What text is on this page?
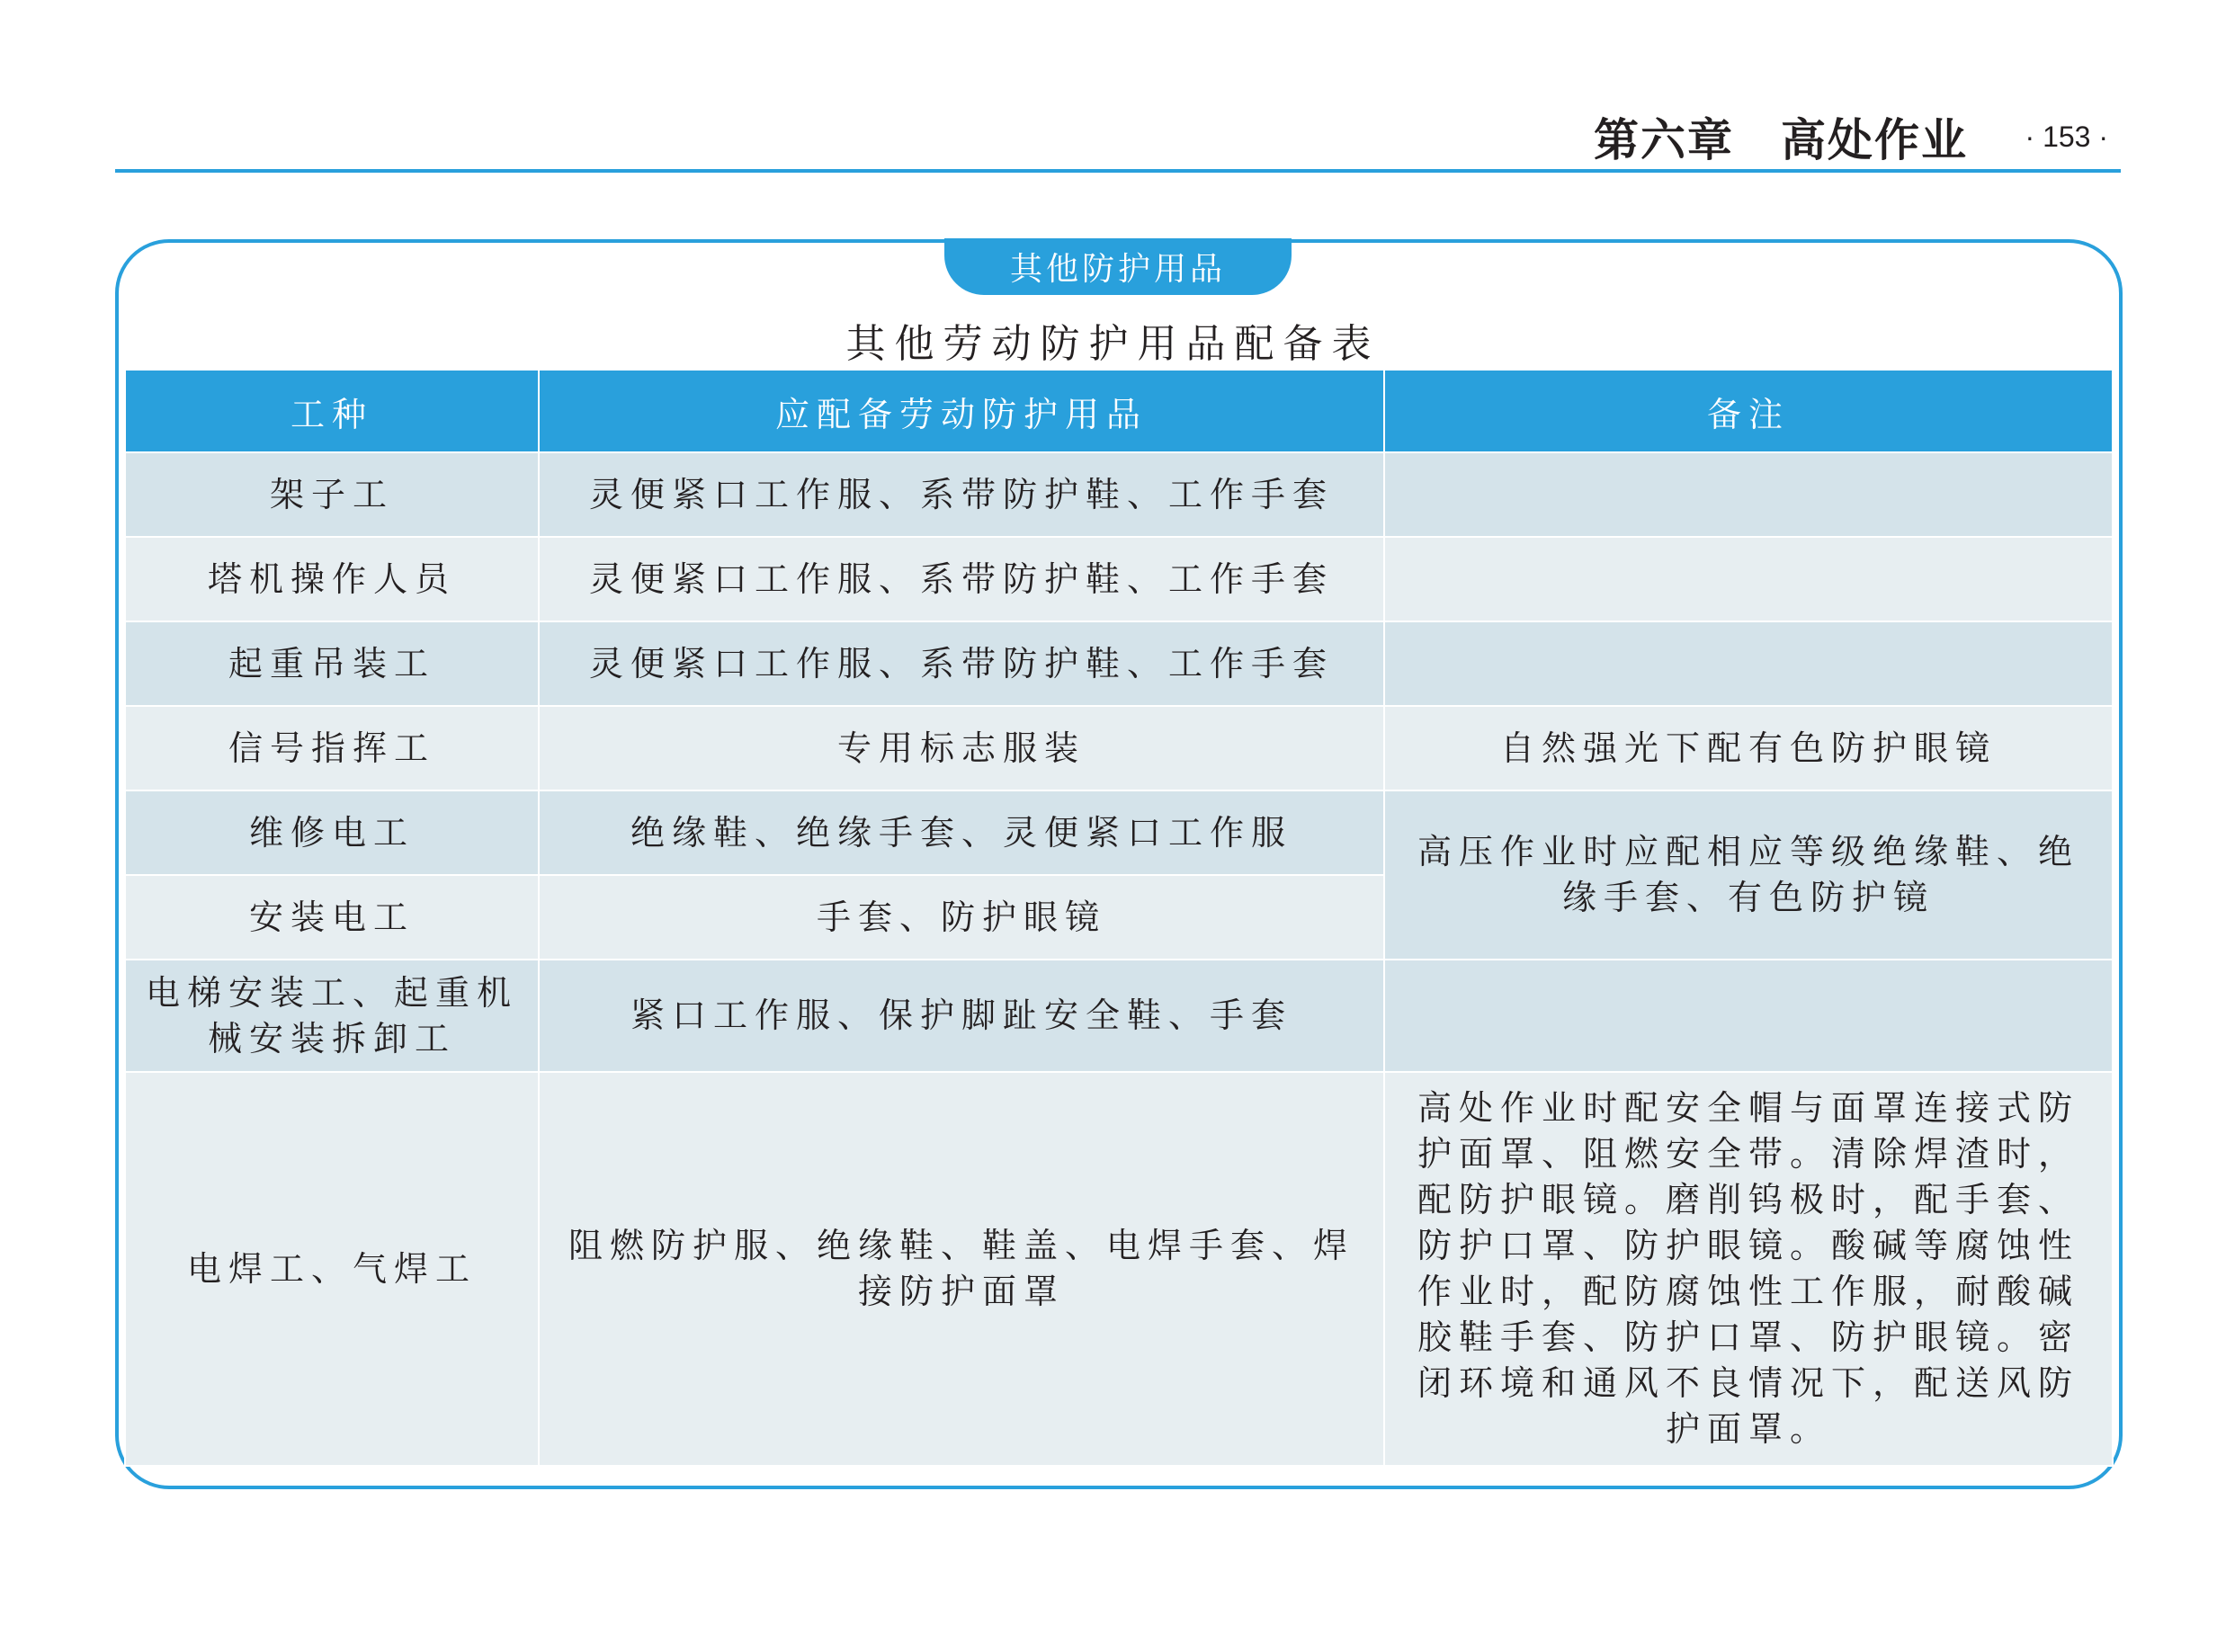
第六章　高处作业 · 153 ·
其他防护用品
其他劳动防护用品配备表
工种	应配备劳动防护用品	备注
架子工	灵便紧口工作服、系带防护鞋、工作手套	
塔机操作人员	灵便紧口工作服、系带防护鞋、工作手套	
起重吊装工	灵便紧口工作服、系带防护鞋、工作手套	
信号指挥工	专用标志服装	自然强光下配有色防护眼镜
维修电工	绝缘鞋、绝缘手套、灵便紧口工作服	高压作业时应配相应等级绝缘鞋、绝缘手套、有色防护镜
安装电工	手套、防护眼镜	
电梯安装工、起重机械安装拆卸工	紧口工作服、保护脚趾安全鞋、手套	
电焊工、气焊工	阻燃防护服、绝缘鞋、鞋盖、电焊手套、焊接防护面罩	高处作业时配安全帽与面罩连接式防护面罩、阻燃安全带。清除焊渣时，配防护眼镜。磨削钨极时，配手套、防护口罩、防护眼镜。酸碱等腐蚀性作业时，配防腐蚀性工作服，耐酸碱胶鞋手套、防护口罩、防护眼镜。密闭环境和通风不良情况下，配送风防护面罩。
